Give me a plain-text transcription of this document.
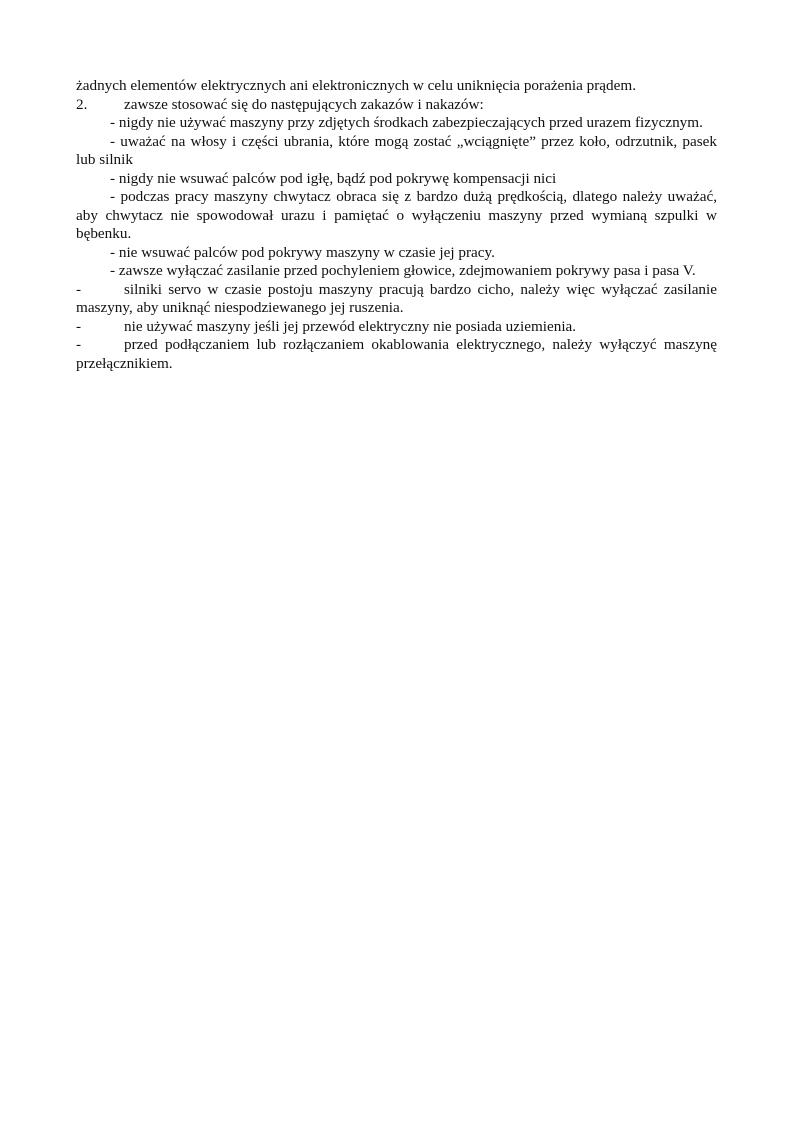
żadnych elementów elektrycznych ani elektronicznych w celu uniknięcia porażenia prądem.

2. zawsze stosować się do następujących zakazów i nakazów:

- nigdy nie używać maszyny przy zdjętych środkach zabezpieczających przed urazem fizycznym.

- uważać na włosy i części ubrania, które mogą zostać „wciągnięte” przez koło, odrzutnik, pasek lub silnik

- nigdy nie wsuwać palców pod igłę, bądź pod pokrywę kompensacji nici

- podczas pracy maszyny chwytacz obraca się z bardzo dużą prędkością, dlatego należy uważać, aby chwytacz nie spowodował urazu i pamiętać o wyłączeniu maszyny przed wymianą szpulki w bębenku.

- nie wsuwać palców pod pokrywy maszyny w czasie jej pracy.

- zawsze wyłączać zasilanie przed pochyleniem głowice, zdejmowaniem pokrywy pasa i pasa V.

-	silniki servo w czasie postoju maszyny pracują bardzo cicho, należy więc wyłączać zasilanie maszyny, aby uniknąć niespodziewanego jej ruszenia.

-	nie używać maszyny jeśli jej przewód elektryczny nie posiada uziemienia.

-	przed podłączaniem lub rozłączaniem okablowania elektrycznego, należy wyłączyć maszynę przełącznikiem.
